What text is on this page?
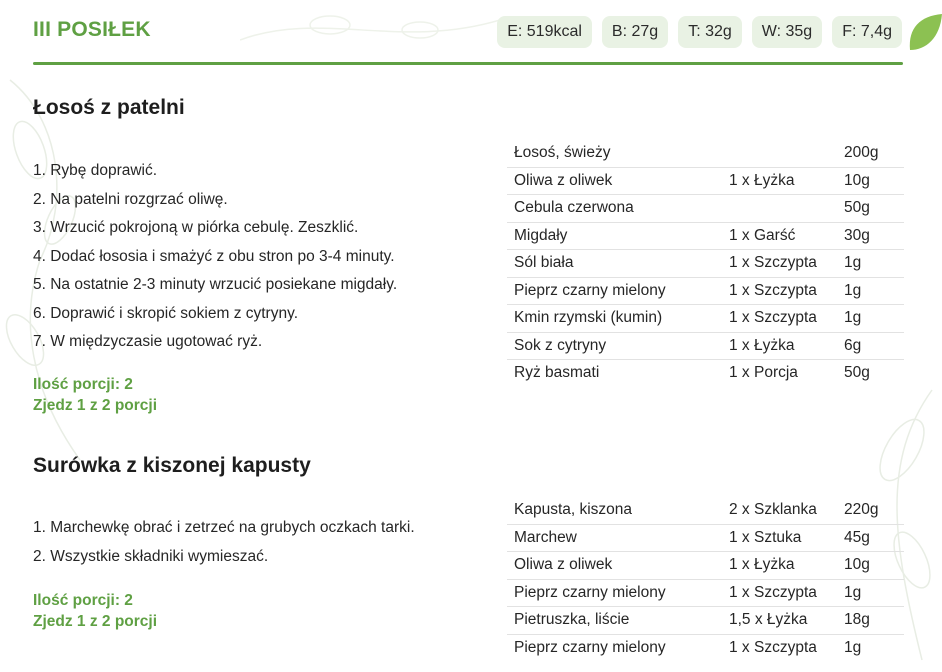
III POSIŁEK	E: 519kcal	B: 27g	T: 32g	W: 35g	F: 7,4g
Łosoś z patelni
1. Rybę doprawić.
2. Na patelni rozgrzać oliwę.
3. Wrzucić pokrojoną w piórka cebulę. Zeszklić.
4. Dodać łososia i smażyć z obu stron po 3-4 minuty.
5. Na ostatnie 2-3 minuty wrzucić posiekane migdały.
6. Doprawić i skropić sokiem z cytryny.
7. W międzyczasie ugotować ryż.
Ilość porcji: 2
Zjedz 1 z 2 porcji
Łosoś, świeży		200g
Oliwa z oliwek	1 x Łyżka	10g
Cebula czerwona		50g
Migdały	1 x Garść	30g
Sól biała	1 x Szczypta	1g
Pieprz czarny mielony	1 x Szczypta	1g
Kmin rzymski (kumin)	1 x Szczypta	1g
Sok z cytryny	1 x Łyżka	6g
Ryż basmati	1 x Porcja	50g
Surówka z kiszonej kapusty
1. Marchewkę obrać i zetrzeć na grubych oczkach tarki.
2. Wszystkie składniki wymieszać.
Ilość porcji: 2
Zjedz 1 z 2 porcji
Kapusta, kiszona	2 x Szklanka	220g
Marchew	1 x Sztuka	45g
Oliwa z oliwek	1 x Łyżka	10g
Pieprz czarny mielony	1 x Szczypta	1g
Pietruszka, liście	1,5 x Łyżka	18g
Pieprz czarny mielony	1 x Szczypta	1g
